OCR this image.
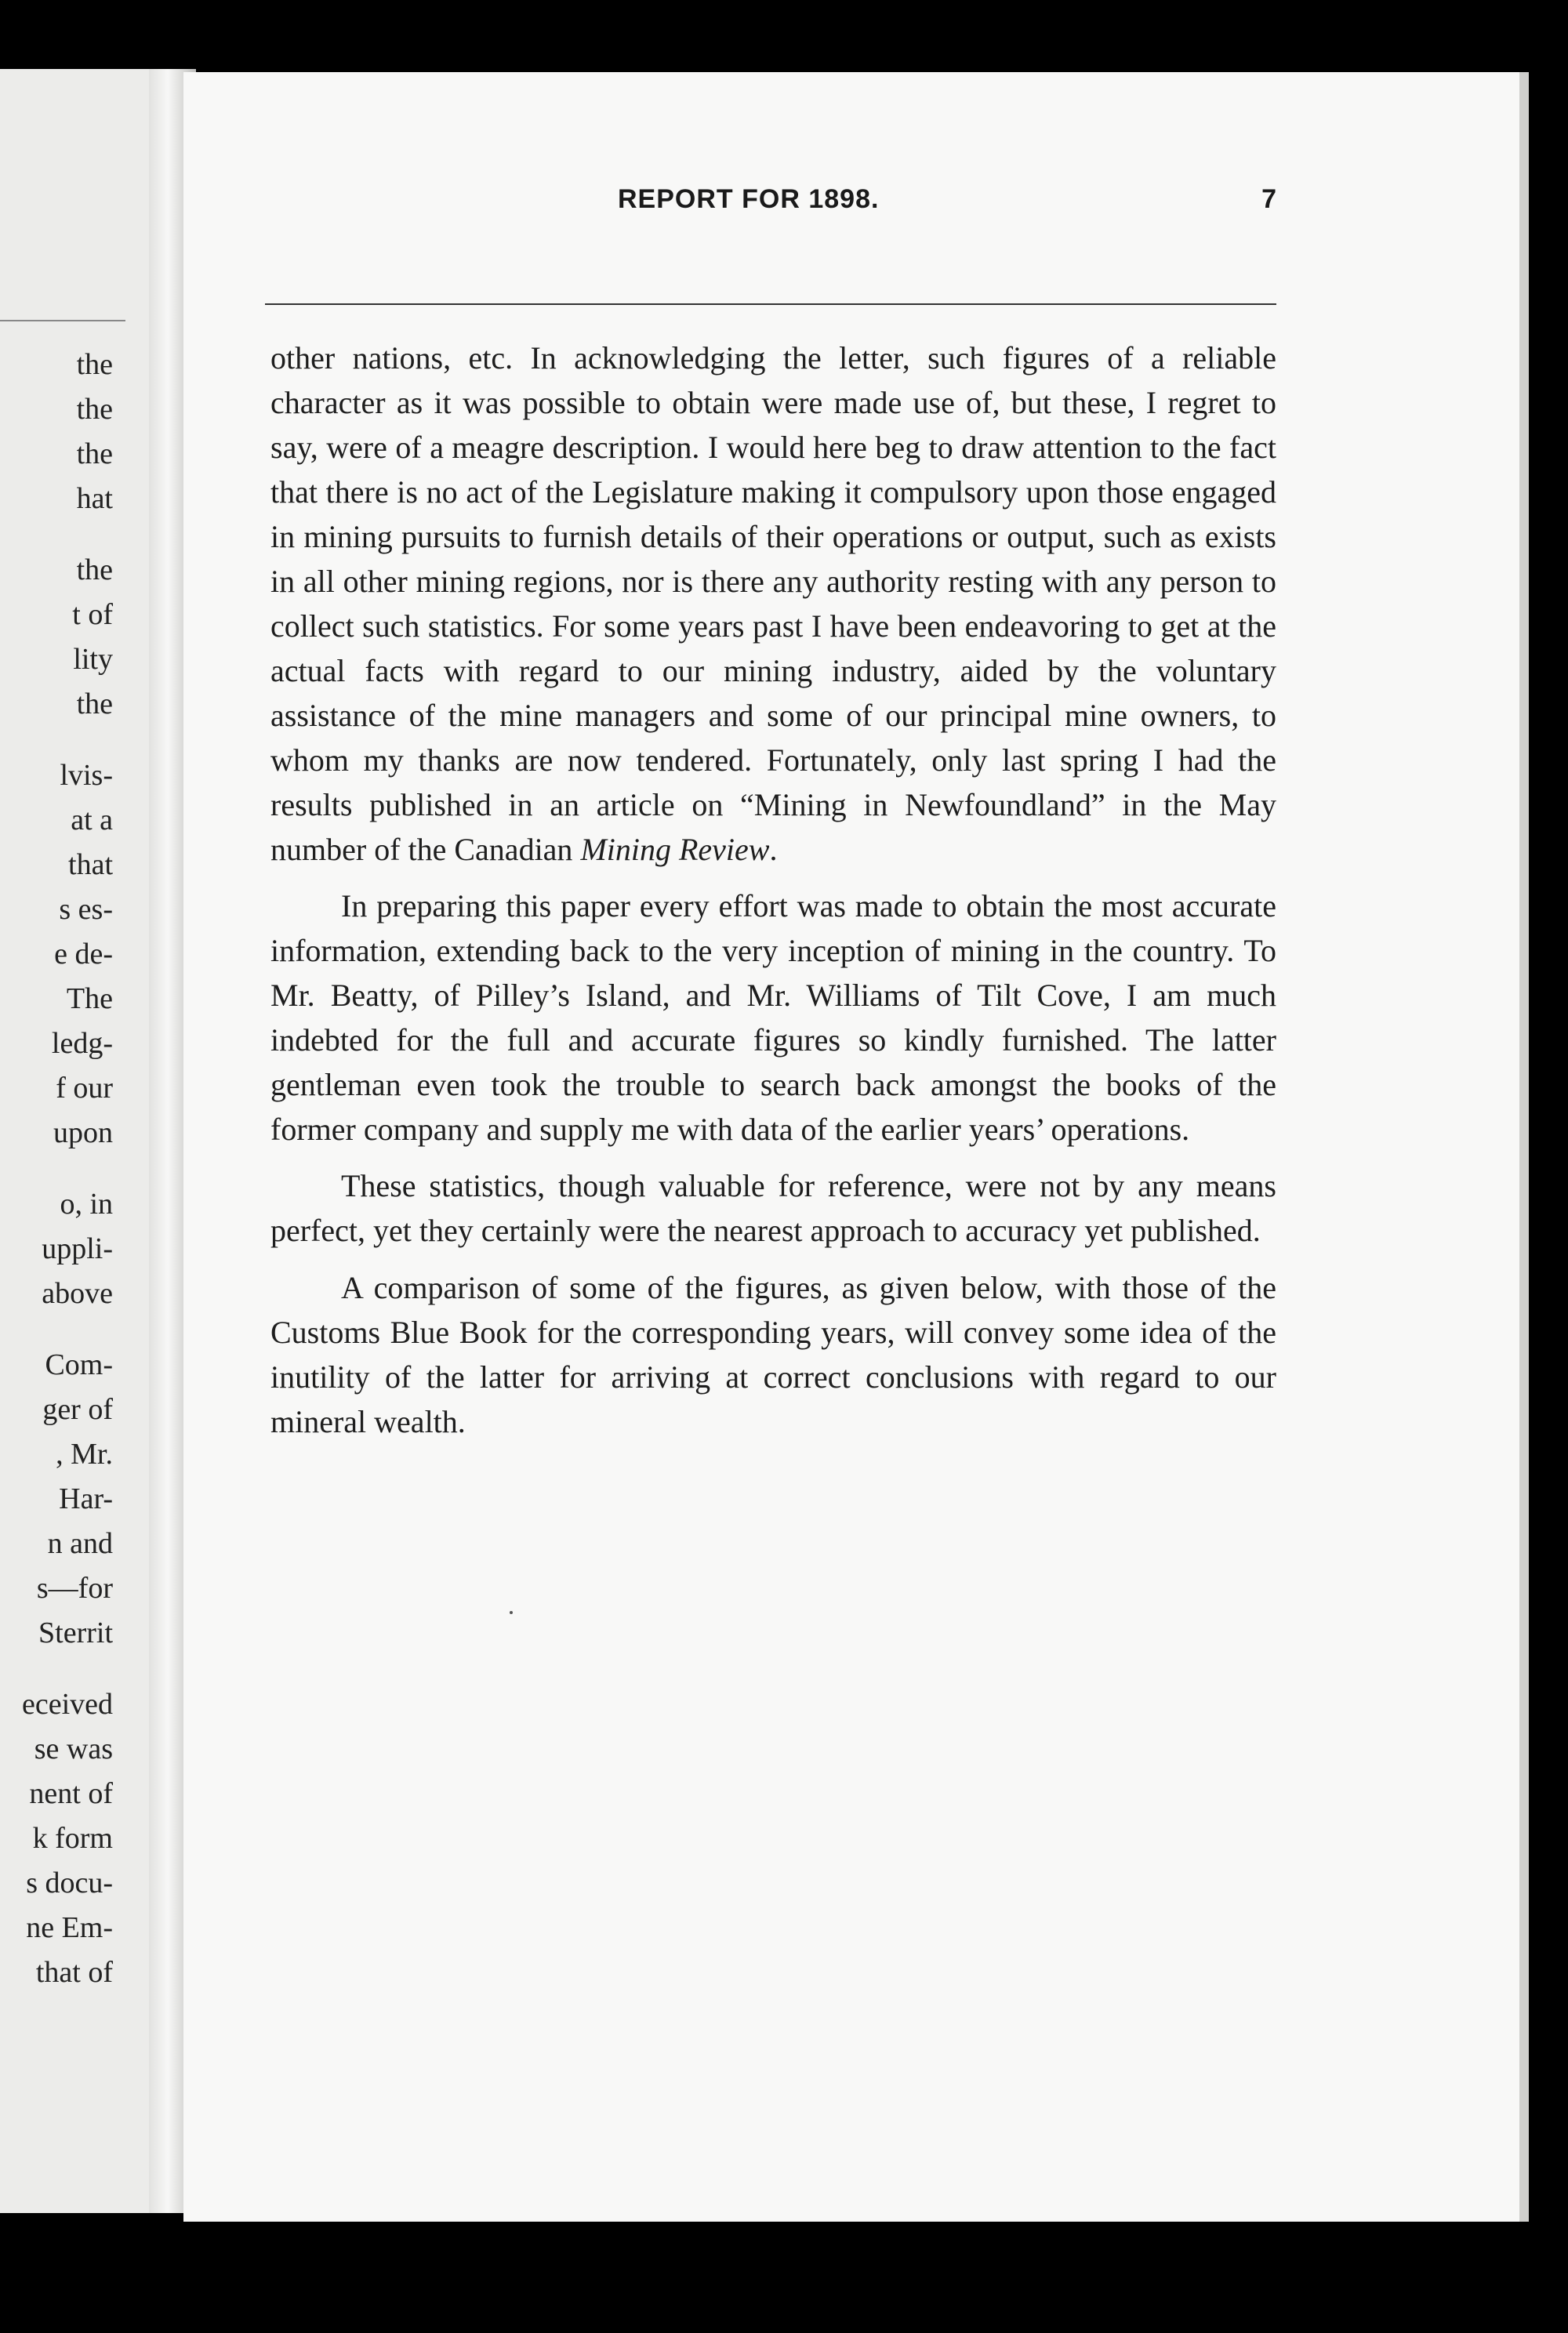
the
the
the
hat
the
t of
lity
the
lvis-
at a
that
s es-
e de-
The
ledg-
f our
upon
o, in
uppli-
above
Com-
ger of
, Mr.
Har-
n and
s—for
Sterrit
eceived
se was
nent of
k form
s docu-
ne Em-
that of
REPORT FOR 1898.	7

other nations, etc. In acknowledging the letter, such figures of a reliable character as it was possible to obtain were made use of, but these, I regret to say, were of a meagre description. I would here beg to draw attention to the fact that there is no act of the Legislature making it compulsory upon those engaged in mining pursuits to furnish details of their operations or output, such as exists in all other mining regions, nor is there any authority resting with any person to collect such statistics. For some years past I have been endeavoring to get at the actual facts with regard to our mining industry, aided by the voluntary assistance of the mine managers and some of our principal mine owners, to whom my thanks are now tendered. Fortunately, only last spring I had the results published in an article on “Mining in Newfoundland” in the May number of the Canadian Mining Review.

In preparing this paper every effort was made to obtain the most accurate information, extending back to the very inception of mining in the country. To Mr. Beatty, of Pilley’s Island, and Mr. Williams of Tilt Cove, I am much indebted for the full and accurate figures so kindly furnished. The latter gentleman even took the trouble to search back amongst the books of the former company and supply me with data of the earlier years’ operations.

These statistics, though valuable for reference, were not by any means perfect, yet they certainly were the nearest approach to accuracy yet published.

A comparison of some of the figures, as given below, with those of the Customs Blue Book for the corresponding years, will convey some idea of the inutility of the latter for arriving at correct conclusions with regard to our mineral wealth.
